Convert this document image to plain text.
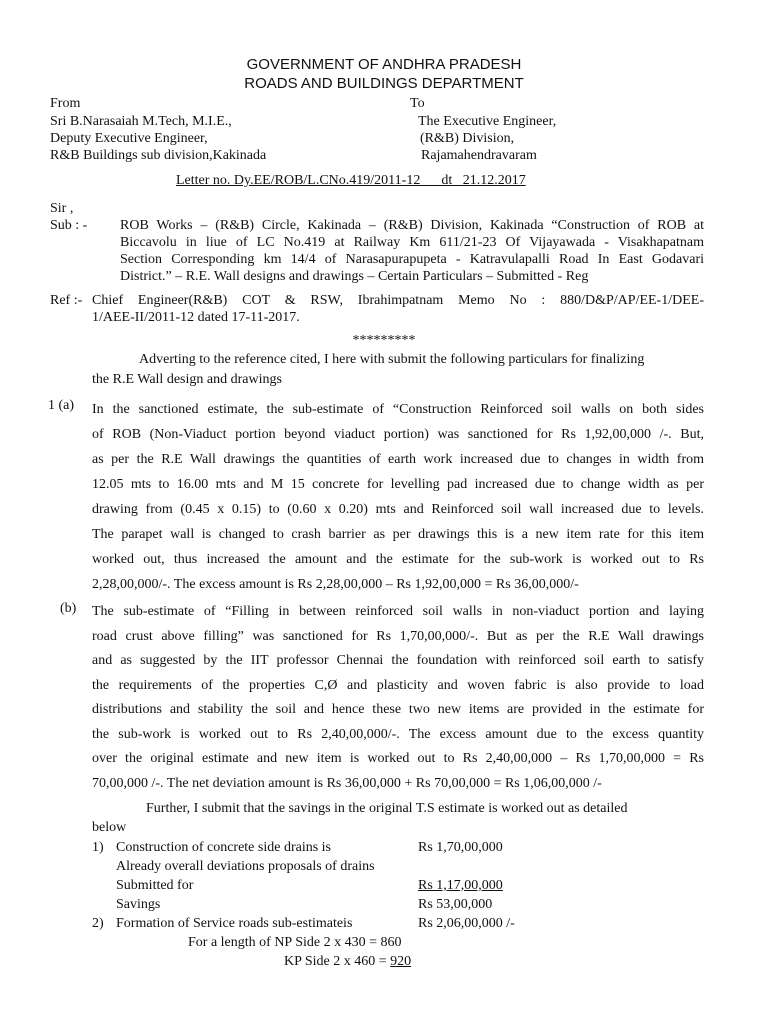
GOVERNMENT OF ANDHRA PRADESH
ROADS AND BUILDINGS DEPARTMENT
From
Sri B.Narasaiah M.Tech, M.I.E.,
Deputy Executive Engineer,
R&B Buildings sub division,Kakinada
To
The Executive Engineer,
(R&B) Division,
Rajamahendravaram
Letter no. Dy.EE/ROB/L.CNo.419/2011-12      dt   21.12.2017
Sir ,
Sub : - ROB Works – (R&B) Circle, Kakinada – (R&B) Division, Kakinada “Construction of ROB at
Biccavolu in liue of LC No.419 at Railway Km 611/21-23 Of Vijayawada - Visakhapatnam
Section Corresponding km 14/4 of Narasapurapupeta - Katravulapalli Road In East Godavari
District.” – R.E. Wall designs and drawings – Certain Particulars – Submitted - Reg
Ref :- Chief Engineer(R&B) COT & RSW, Ibrahimpatnam Memo No : 880/D&P/AP/EE-1/DEE-
1/AEE-II/2011-12 dated 17-11-2017.
*********
Adverting to the reference cited, I here with submit the following particulars for finalizing
the R.E Wall design and drawings
1 (a) In the sanctioned estimate, the sub-estimate of “Construction Reinforced soil walls on both sides
of ROB (Non-Viaduct portion beyond viaduct portion) was sanctioned for Rs 1,92,00,000 /-. But,
as per the R.E Wall drawings the quantities of earth work increased due to changes in width from
12.05 mts to 16.00 mts and M 15 concrete for levelling pad increased due to change width as per
drawing from (0.45 x 0.15) to (0.60 x 0.20) mts and Reinforced soil wall increased due to levels.
The parapet wall is changed to crash barrier as per drawings this is a new item rate for this item
worked out, thus increased the amount and the estimate for the sub-work is worked out to Rs
2,28,00,000/-. The excess amount is Rs 2,28,00,000 – Rs 1,92,00,000 = Rs 36,00,000/-
(b) The sub-estimate of “Filling in between reinforced soil walls in non-viaduct portion and laying
road crust above filling” was sanctioned for Rs 1,70,00,000/-. But as per the R.E Wall drawings
and as suggested by the IIT professor Chennai the foundation with reinforced soil earth to satisfy
the requirements of the properties C,Ø and plasticity and woven fabric is also provide to load
distributions and stability the soil and hence these two new items are provided in the estimate for
the sub-work is worked out to Rs 2,40,00,000/-. The excess amount due to the excess quantity
over the original estimate and new item is worked out to Rs 2,40,00,000 – Rs 1,70,00,000 = Rs
70,00,000 /-. The net deviation amount is Rs 36,00,000 + Rs 70,00,000 = Rs 1,06,00,000 /-
Further, I submit that the savings in the original T.S estimate is worked out as detailed
below
1) Construction of concrete side drains is	Rs 1,70,00,000
Already overall deviations proposals of drains
Submitted for	Rs 1,17,00,000
Savings	Rs 53,00,000
2) Formation of Service roads sub-estimateis	Rs 2,06,00,000 /-
For a length of NP Side 2 x 430 = 860
KP Side 2 x 460 = 920
